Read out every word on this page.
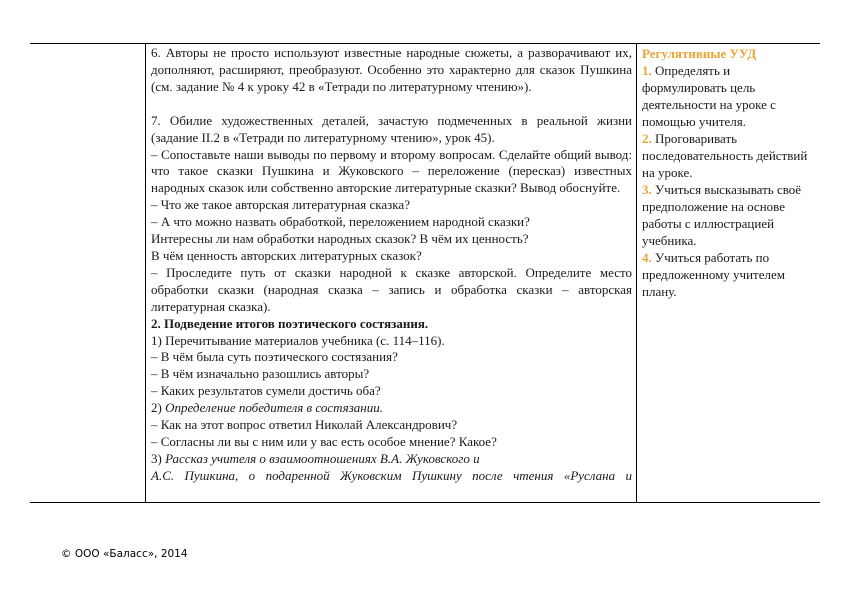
6. Авторы не просто используют известные народные сюжеты, а разворачивают их, дополняют, расширяют, преобразуют. Особенно это характерно для сказок Пушкина (см. задание № 4 к уроку 42 в «Тетради по литературному чтению»).

7. Обилие художественных деталей, зачастую подмеченных в реальной жизни (задание II.2 в «Тетради по литературному чтению», урок 45).

– Сопоставьте наши выводы по первому и второму вопросам. Сделайте общий вывод: что такое сказки Пушкина и Жуковского – переложение (пересказ) известных народных сказок или собственно авторские литературные сказки? Вывод обоснуйте.

– Что же такое авторская литературная сказка?

– А что можно назвать обработкой, переложением народной сказки?

Интересны ли нам обработки народных сказок? В чём их ценность?

В чём ценность авторских литературных сказок?

– Проследите путь от сказки народной к сказке авторской. Определите место обработки сказки (народная сказка – запись и обработка сказки – авторская литературная сказка).

2. Подведение итогов поэтического состязания.

1) Перечитывание материалов учебника (с. 114–116).

– В чём была суть поэтического состязания?

– В чём изначально разошлись авторы?

– Каких результатов сумели достичь оба?

2) Определение победителя в состязании.

– Как на этот вопрос ответил Николай Александрович?

– Согласны ли вы с ним или у вас есть особое мнение? Какое?

3) Рассказ учителя о взаимоотношениях В.А. Жуковского и

А.С. Пушкина, о подаренной Жуковским Пушкину после чтения «Руслана и

Регулятивные УУД

1. Определять и формулировать цель деятельности на уроке с помощью учителя.

2. Проговаривать последовательность действий на уроке.

3. Учиться высказывать своё предположение на основе работы с иллюстрацией учебника.

4. Учиться работать по предложенному учителем плану.

© ООО «Баласс», 2014
